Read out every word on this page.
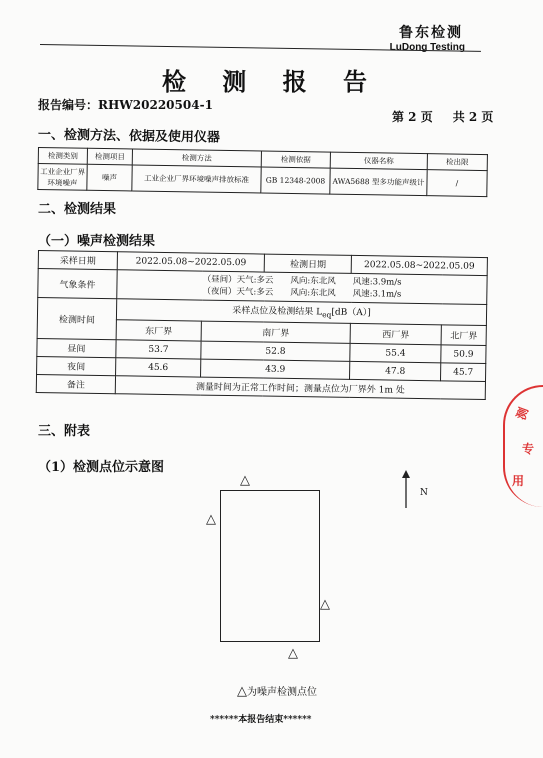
鲁东检测
LuDong Testing
检 测 报 告
报告编号：RHW20220504-1
第 2 页 共 2 页
一、检测方法、依据及使用仪器
检测类别	检测项目	检测方法	检测依据	仪器名称	检出限
工业企业厂界环境噪声	噪声	工业企业厂界环境噪声排放标准	GB 12348-2008	AWA5688 型多功能声级计	/
二、检测结果
（一）噪声检测结果
采样日期	2022.05.08~2022.05.09		检测日期	2022.05.08~2022.05.09	
气象条件	（昼间）天气:多云　　风向:东北风　　风速:3.9m/s
（夜间）天气:多云　　风向:东北风　　风速:3.1m/s				

检测时间	采样点位及检测结果 $L_{eq}[dB(A)]$				
	东厂界	南厂界		西厂界	北厂界
昼间	53.7	52.8		55.4	50.9
夜间	45.6	43.9		47.8	45.7
备注	测量时间为正常工作时间；测量点位为厂界外 1m 处				
三、附表
（1）检测点位示意图
△
△
△
△
N
△为噪声检测点位
******本报告结束******
测
专
用
